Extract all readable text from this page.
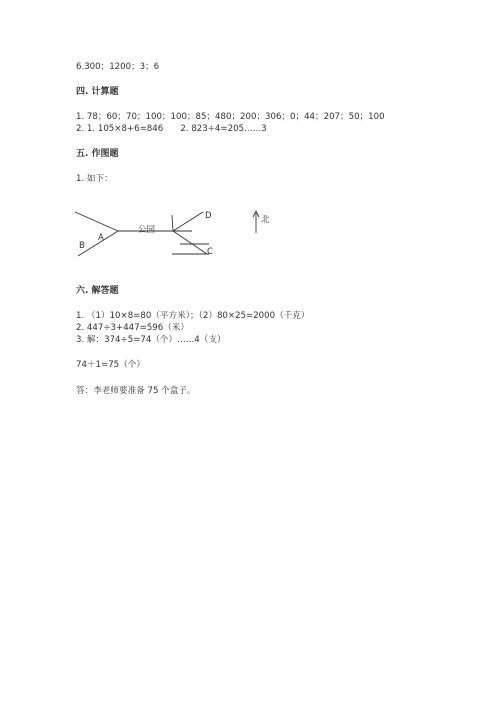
6.300；1200；3；6
四. 计算题
1. 78；60；70；100；100；85；480；200；306；0；44；207；50；100
2. 1. 105×8+6=846　　2. 823÷4=205……3
五. 作图题
1. 如下：
A
B
公园
D
C
北
六. 解答题
1. （1）10×8=80（平方米）；（2）80×25=2000（千克）
2. 447÷3+447=596（米）
3. 解：374÷5=74（个）……4（支）
74＋1=75（个）
答：李老师要准备 75 个盒子。
